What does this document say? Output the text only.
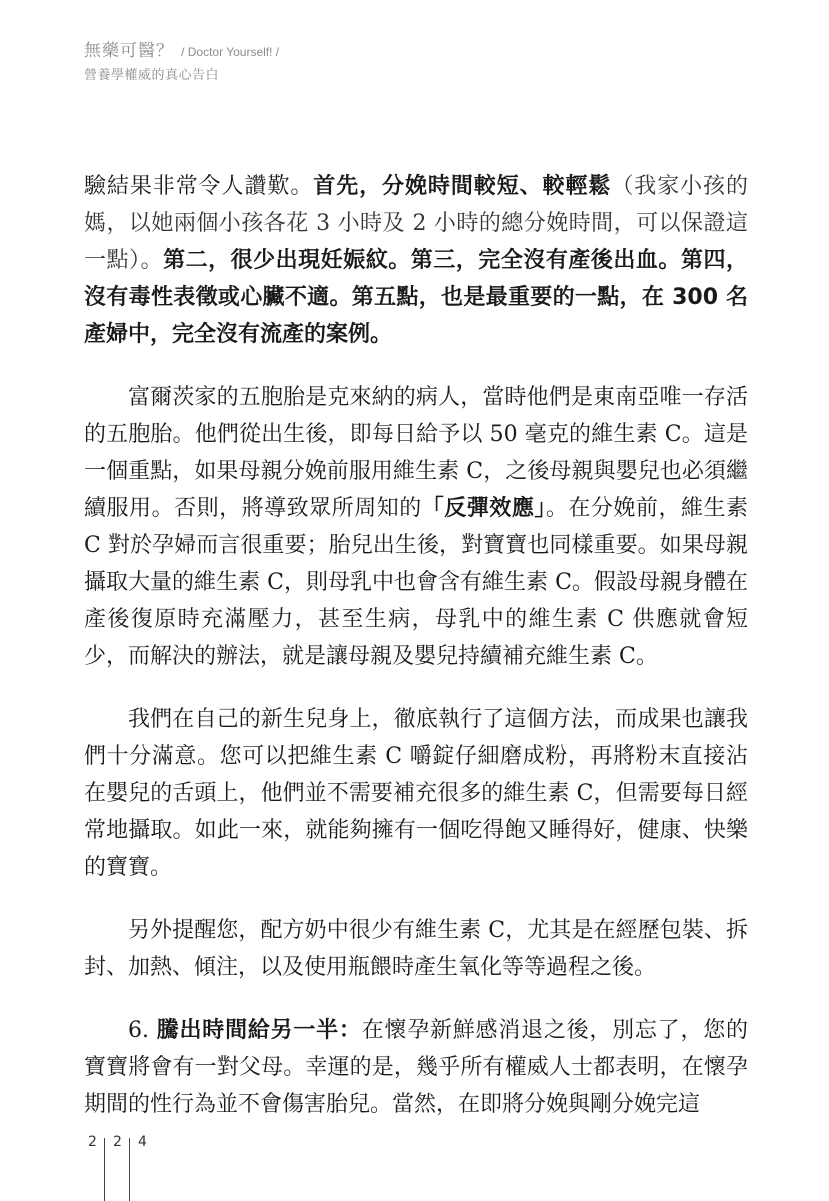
無藥可醫？ / Doctor Yourself! /
營養學權威的真心告白

驗結果非常令人讚歎。首先，分娩時間較短、較輕鬆（我家小孩的媽，以她兩個小孩各花 3 小時及 2 小時的總分娩時間，可以保證這一點）。第二，很少出現妊娠紋。第三，完全沒有產後出血。第四，沒有毒性表徵或心臟不適。第五點，也是最重要的一點，在 300 名產婦中，完全沒有流產的案例。

富爾茨家的五胞胎是克來納的病人，當時他們是東南亞唯一存活的五胞胎。他們從出生後，即每日給予以 50 毫克的維生素 C。這是一個重點，如果母親分娩前服用維生素 C，之後母親與嬰兒也必須繼續服用。否則，將導致眾所周知的「反彈效應」。在分娩前，維生素 C 對於孕婦而言很重要；胎兒出生後，對寶寶也同樣重要。如果母親攝取大量的維生素 C，則母乳中也會含有維生素 C。假設母親身體在產後復原時充滿壓力，甚至生病，母乳中的維生素 C 供應就會短少，而解決的辦法，就是讓母親及嬰兒持續補充維生素 C。

我們在自己的新生兒身上，徹底執行了這個方法，而成果也讓我們十分滿意。您可以把維生素 C 嚼錠仔細磨成粉，再將粉末直接沾在嬰兒的舌頭上，他們並不需要補充很多的維生素 C，但需要每日經常地攝取。如此一來，就能夠擁有一個吃得飽又睡得好，健康、快樂的寶寶。

另外提醒您，配方奶中很少有維生素 C，尤其是在經歷包裝、拆封、加熱、傾注，以及使用瓶餵時產生氧化等等過程之後。

6. 騰出時間給另一半：在懷孕新鮮感消退之後，別忘了，您的寶寶將會有一對父母。幸運的是，幾乎所有權威人士都表明，在懷孕期間的性行為並不會傷害胎兒。當然，在即將分娩與剛分娩完這

2 2 4
